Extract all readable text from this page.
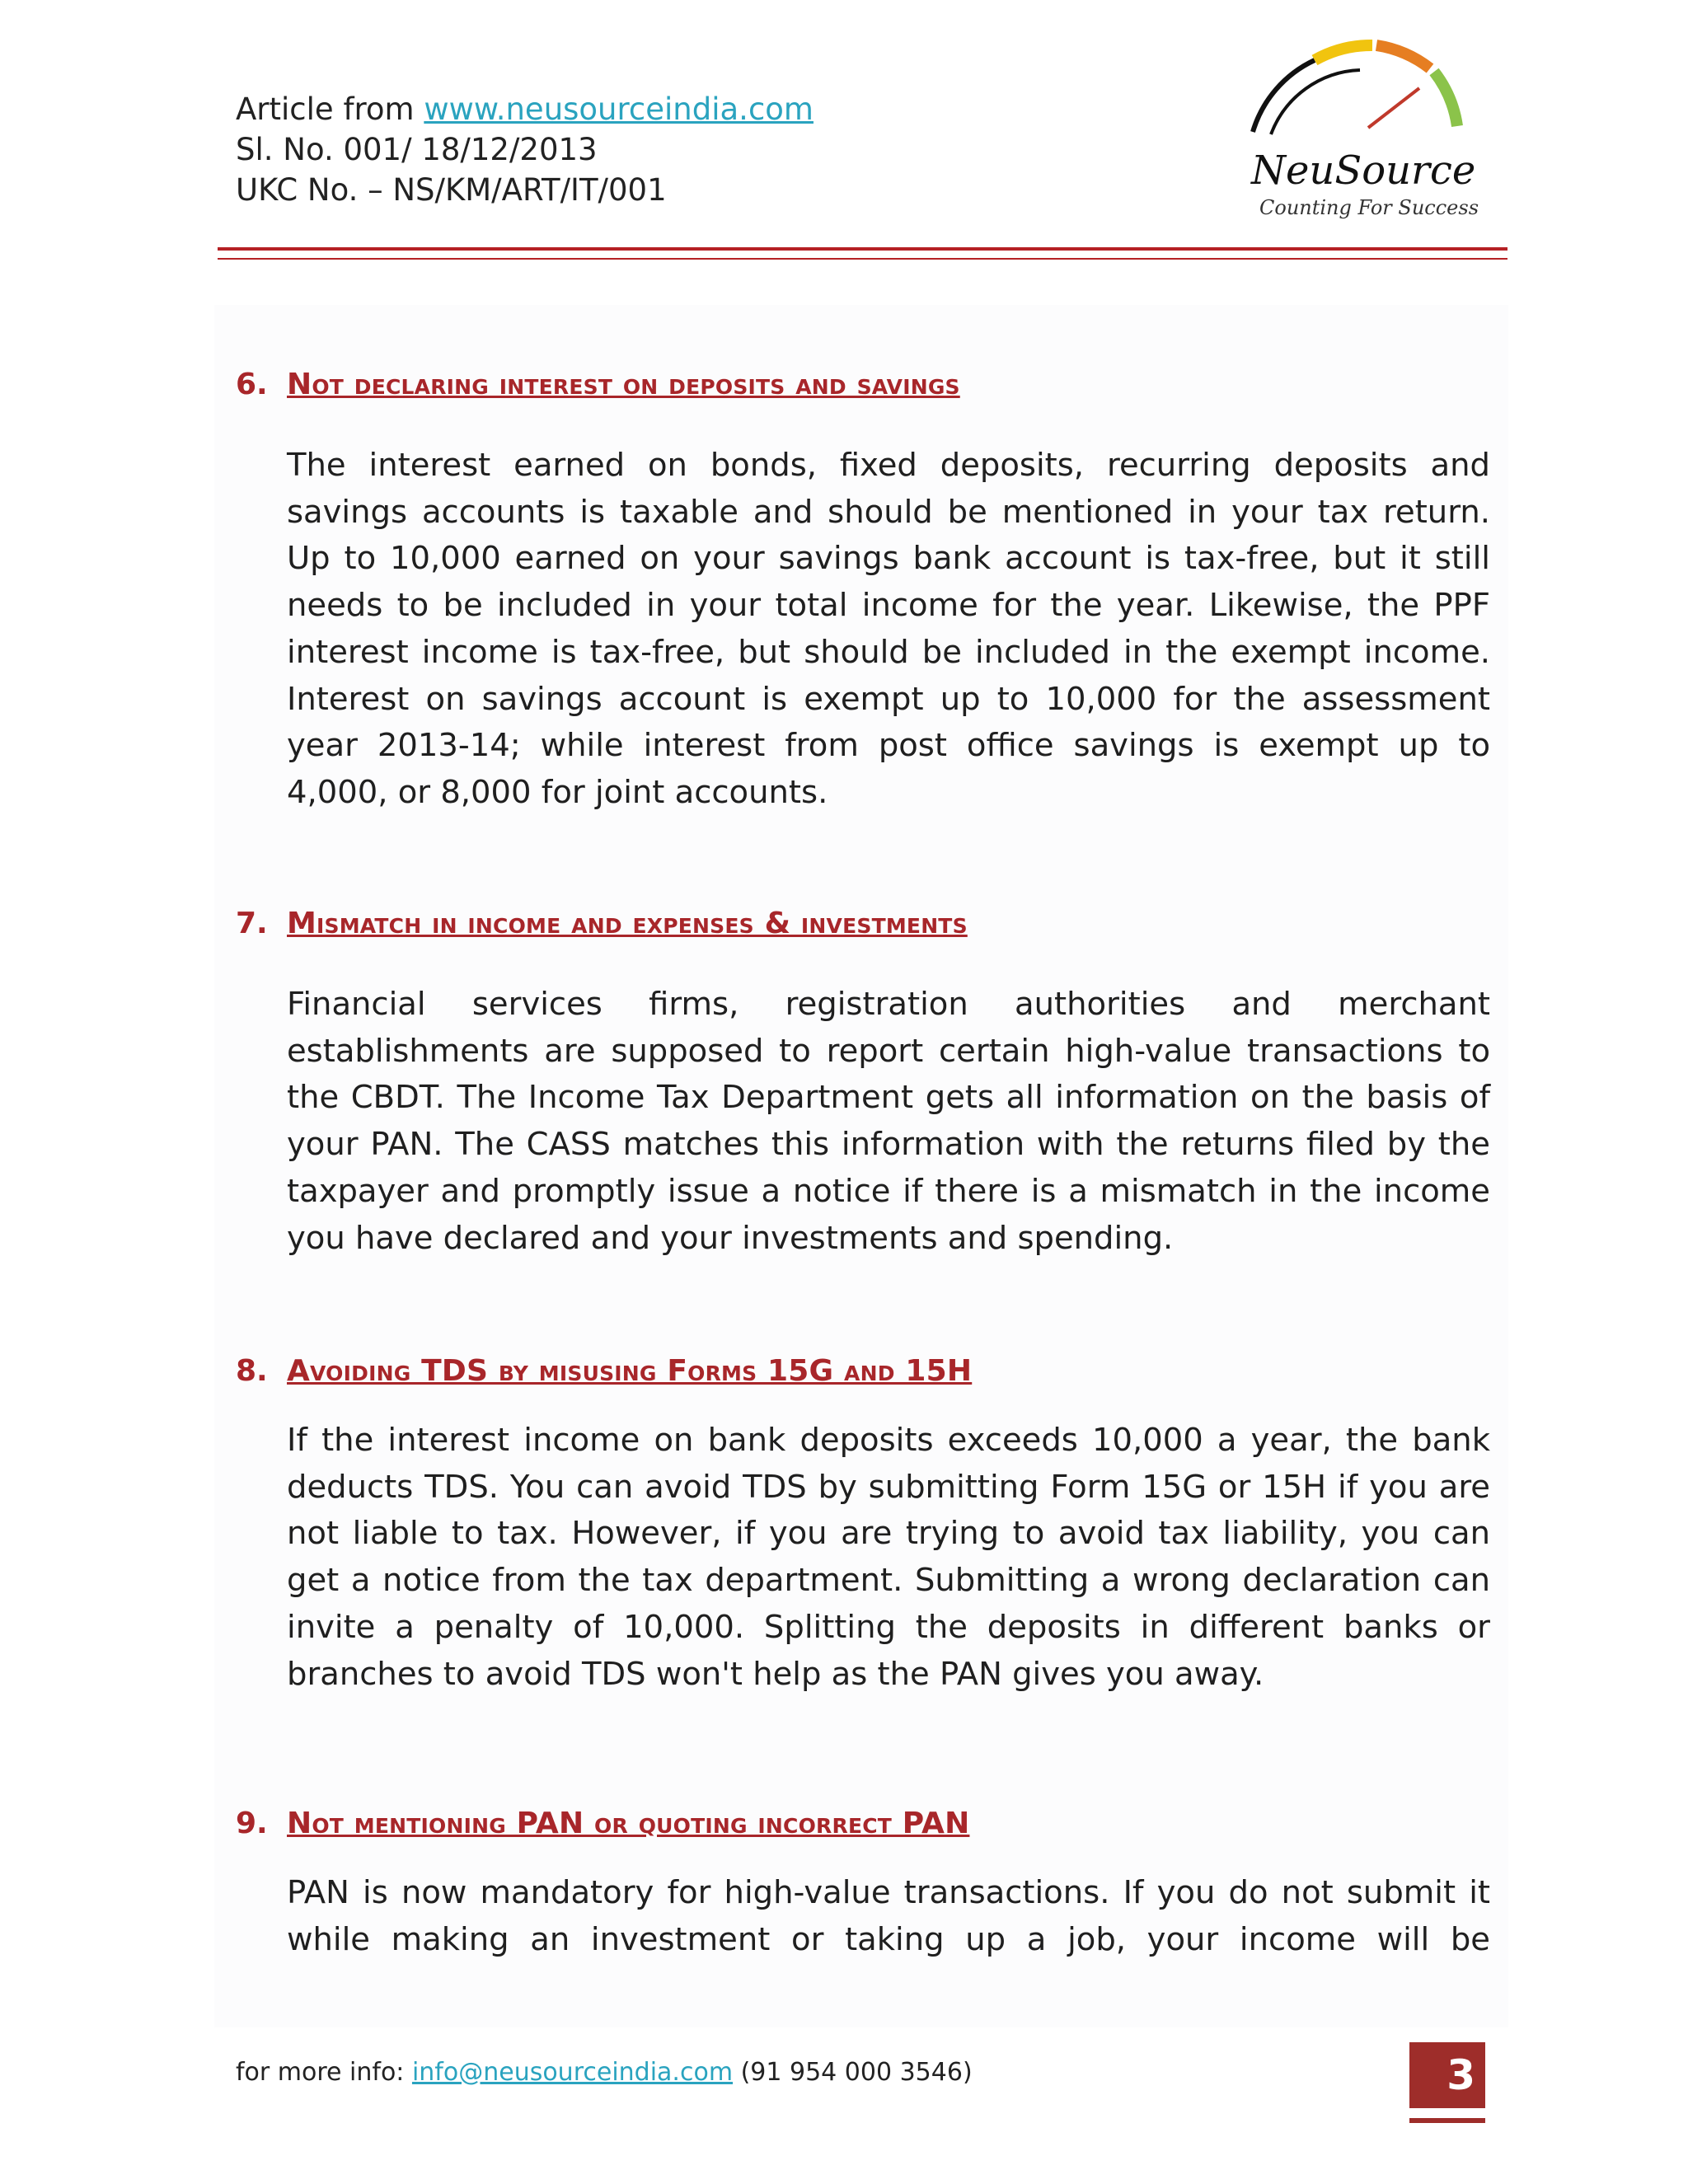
Article from www.neusourceindia.com
Sl. No. 001/ 18/12/2013
UKC No. – NS/KM/ART/IT/001	NeuSource
Counting For Success
6. Not declaring interest on deposits and savings
The interest earned on bonds, fixed deposits, recurring deposits and savings accounts is taxable and should be mentioned in your tax return. Up to 10,000 earned on your savings bank account is tax-free, but it still needs to be included in your total income for the year. Likewise, the PPF interest income is tax-free, but should be included in the exempt income. Interest on savings account is exempt up to 10,000 for the assessment year 2013-14; while interest from post office savings is exempt up to 4,000, or 8,000 for joint accounts.
7. Mismatch in income and expenses & investments
Financial services firms, registration authorities and merchant establishments are supposed to report certain high-value transactions to the CBDT. The Income Tax Department gets all information on the basis of your PAN. The CASS matches this information with the returns filed by the taxpayer and promptly issue a notice if there is a mismatch in the income you have declared and your investments and spending.
8. Avoiding TDS by misusing Forms 15G and 15H
If the interest income on bank deposits exceeds 10,000 a year, the bank deducts TDS. You can avoid TDS by submitting Form 15G or 15H if you are not liable to tax. However, if you are trying to avoid tax liability, you can get a notice from the tax department. Submitting a wrong declaration can invite a penalty of 10,000. Splitting the deposits in different banks or branches to avoid TDS won't help as the PAN gives you away.
9. Not mentioning PAN or quoting incorrect PAN
PAN is now mandatory for high-value transactions. If you do not submit it while making an investment or taking up a job, your income will be
for more info: info@neusourceindia.com (91 954 000 3546)	3
